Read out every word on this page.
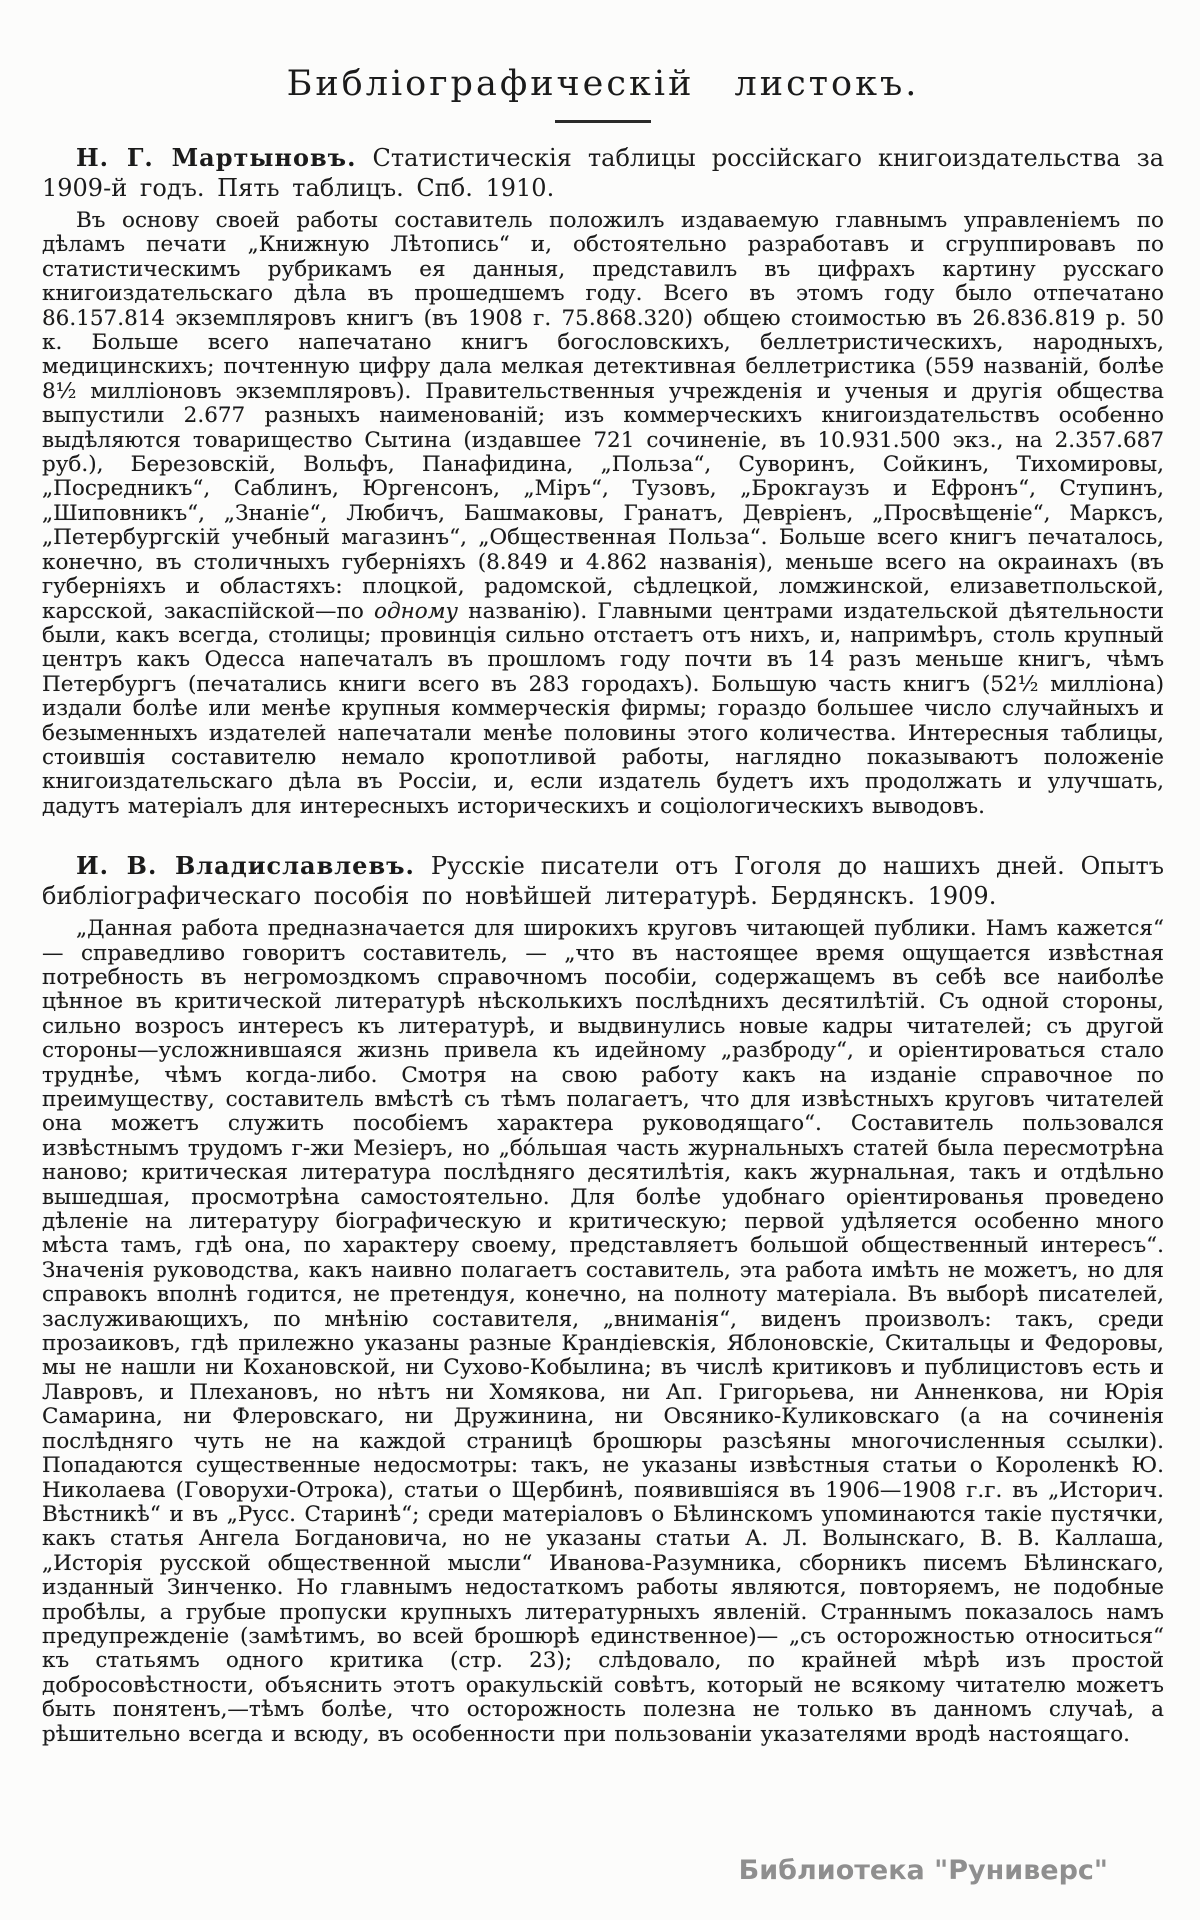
Библіографическій листокъ.

Н. Г. Мартыновъ. Статистическія таблицы россійскаго книгоиздательства за 1909-й годъ. Пять таблицъ. Спб. 1910.

Въ основу своей работы составитель положилъ издаваемую главнымъ управленіемъ по дѣламъ печати „Книжную Лѣтопись“ и, обстоятельно разработавъ и сгруппировавъ по статистическимъ рубрикамъ ея данныя, представилъ въ цифрахъ картину русскаго книгоиздательскаго дѣла въ прошедшемъ году. Всего въ этомъ году было отпечатано 86.157.814 экземпляровъ книгъ (въ 1908 г. 75.868.320) общею стоимостью въ 26.836.819 р. 50 к. Больше всего напечатано книгъ богословскихъ, беллетристическихъ, народныхъ, медицинскихъ; почтенную цифру дала мелкая детективная беллетристика (559 названій, болѣе 8½ милліоновъ экземпляровъ). Правительственныя учрежденія и ученыя и другія общества выпустили 2.677 разныхъ наименованій; изъ коммерческихъ книгоиздательствъ особенно выдѣляются товарищество Сытина (издавшее 721 сочиненіе, въ 10.931.500 экз., на 2.357.687 руб.), Березовскій, Вольфъ, Панафидина, „Польза“, Суворинъ, Сойкинъ, Тихомировы, „Посредникъ“, Саблинъ, Юргенсонъ, „Міръ“, Тузовъ, „Брокгаузъ и Ефронъ“, Ступинъ, „Шиповникъ“, „Знаніе“, Любичъ, Башмаковы, Гранатъ, Девріенъ, „Просвѣщеніе“, Марксъ, „Петербургскій учебный магазинъ“, „Общественная Польза“. Больше всего книгъ печаталось, конечно, въ столичныхъ губерніяхъ (8.849 и 4.862 названія), меньше всего на окраинахъ (въ губерніяхъ и областяхъ: плоцкой, радомской, сѣдлецкой, ломжинской, елизаветпольской, карсской, закаспійской—по одному названію). Главными центрами издательской дѣятельности были, какъ всегда, столицы; провинція сильно отстаетъ отъ нихъ, и, напримѣръ, столь крупный центръ какъ Одесса напечаталъ въ прошломъ году почти въ 14 разъ меньше книгъ, чѣмъ Петербургъ (печатались книги всего въ 283 городахъ). Большую часть книгъ (52½ милліона) издали болѣе или менѣе крупныя коммерческія фирмы; гораздо большее число случайныхъ и безыменныхъ издателей напечатали менѣе половины этого количества. Интересныя таблицы, стоившія составителю немало кропотливой работы, наглядно показываютъ положеніе книгоиздательскаго дѣла въ Россіи, и, если издатель будетъ ихъ продолжать и улучшать, дадутъ матеріалъ для интересныхъ историческихъ и соціологическихъ выводовъ.

И. В. Владиславлевъ. Русскіе писатели отъ Гоголя до нашихъ дней. Опытъ библіографическаго пособія по новѣйшей литературѣ. Бердянскъ. 1909.

„Данная работа предназначается для широкихъ круговъ читающей публики. Намъ кажется“ — справедливо говоритъ составитель, — „что въ настоящее время ощущается извѣстная потребность въ негромоздкомъ справочномъ пособіи, содержащемъ въ себѣ все наиболѣе цѣнное въ критической литературѣ нѣсколькихъ послѣднихъ десятилѣтій. Съ одной стороны, сильно возросъ интересъ къ литературѣ, и выдвинулись новые кадры читателей; съ другой стороны—усложнившаяся жизнь привела къ идейному „разброду“, и оріентироваться стало труднѣе, чѣмъ когда-либо. Смотря на свою работу какъ на изданіе справочное по преимуществу, составитель вмѣстѣ съ тѣмъ полагаетъ, что для извѣстныхъ круговъ читателей она можетъ служить пособіемъ характера руководящаго“. Составитель пользовался извѣстнымъ трудомъ г-жи Мезіеръ, но „бо́льшая часть журнальныхъ статей была пересмотрѣна наново; критическая литература послѣдняго десятилѣтія, какъ журнальная, такъ и отдѣльно вышедшая, просмотрѣна самостоятельно. Для болѣе удобнаго оріентированья проведено дѣленіе на литературу біографическую и критическую; первой удѣляется особенно много мѣста тамъ, гдѣ она, по характеру своему, представляетъ большой общественный интересъ“. Значенія руководства, какъ наивно полагаетъ составитель, эта работа имѣть не можетъ, но для справокъ вполнѣ годится, не претендуя, конечно, на полноту матеріала. Въ выборѣ писателей, заслуживающихъ, по мнѣнію составителя, „вниманія“, виденъ произволъ: такъ, среди прозаиковъ, гдѣ прилежно указаны разные Крандіевскія, Яблоновскіе, Скитальцы и Федоровы, мы не нашли ни Кохановской, ни Сухово-Кобылина; въ числѣ критиковъ и публицистовъ есть и Лавровъ, и Плехановъ, но нѣтъ ни Хомякова, ни Ап. Григорьева, ни Анненкова, ни Юрія Самарина, ни Флеровскаго, ни Дружинина, ни Овсянико-Куликовскаго (а на сочиненія послѣдняго чуть не на каждой страницѣ брошюры разсѣяны многочисленныя ссылки). Попадаются существенные недосмотры: такъ, не указаны извѣстныя статьи о Короленкѣ Ю. Николаева (Говорухи-Отрока), статьи о Щербинѣ, появившіяся въ 1906—1908 г.г. въ „Историч. Вѣстникѣ“ и въ „Русс. Старинѣ“; среди матеріаловъ о Бѣлинскомъ упоминаются такіе пустячки, какъ статья Ангела Богдановича, но не указаны статьи А. Л. Волынскаго, В. В. Каллаша, „Исторія русской общественной мысли“ Иванова-Разумника, сборникъ писемъ Бѣлинскаго, изданный Зинченко. Но главнымъ недостаткомъ работы являются, повторяемъ, не подобные пробѣлы, а грубые пропуски крупныхъ литературныхъ явленій. Страннымъ показалось намъ предупрежденіе (замѣтимъ, во всей брошюрѣ единственное)— „съ осторожностью относиться“ къ статьямъ одного критика (стр. 23); слѣдовало, по крайней мѣрѣ изъ простой добросовѣстности, объяснить этотъ оракульскій совѣтъ, который не всякому читателю можетъ быть понятенъ,—тѣмъ болѣе, что осторожность полезна не только въ данномъ случаѣ, а рѣшительно всегда и всюду, въ особенности при пользованіи указателями вродѣ настоящаго.

Библиотека "Руниверс"
